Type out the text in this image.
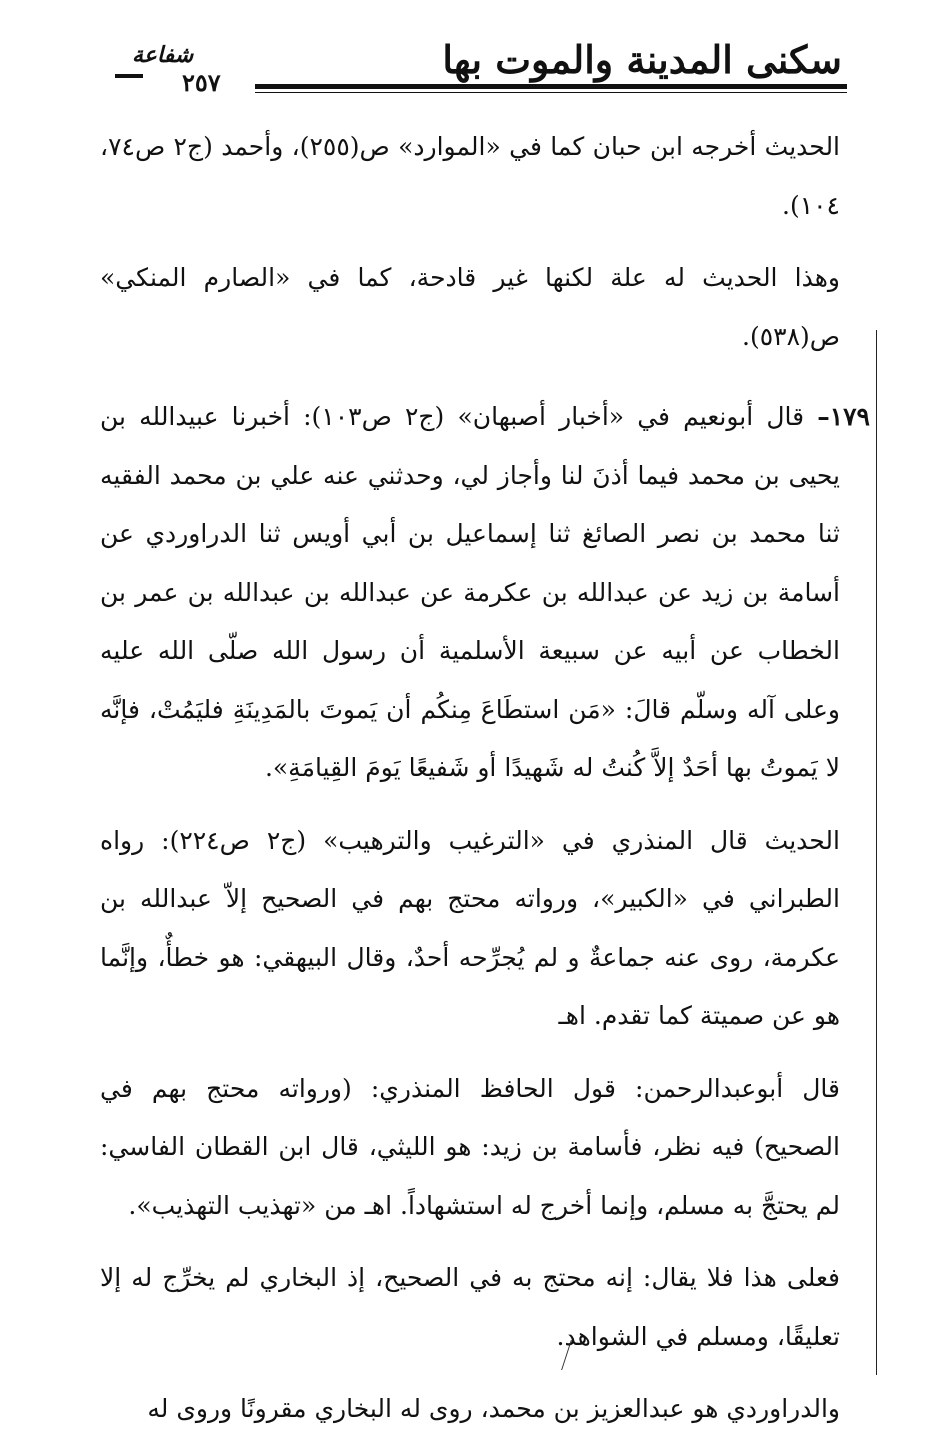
سكنى المدينة والموت بها
شفاعة
٢٥٧

الحديث أخرجه ابن حبان كما في «الموارد» ص(٢٥٥)، وأحمد (ج٢ ص٧٤، ١٠٤).

وهذا الحديث له علة لكنها غير قادحة، كما في «الصارم المنكي» ص(٥٣٨).

١٧٩– قال أبونعيم في «أخبار أصبهان» (ج٢ ص١٠٣): أخبرنا عبيدالله بن يحيى بن محمد فيما أذنَ لنا وأجاز لي، وحدثني عنه علي بن محمد الفقيه ثنا محمد بن نصر الصائغ ثنا إسماعيل بن أبي أويس ثنا الدراوردي عن أسامة بن زيد عن عبدالله بن عكرمة عن عبدالله بن عبدالله بن عمر بن الخطاب عن أبيه عن سبيعة الأسلمية أن رسول الله صلّى الله عليه وعلى آله وسلّم قالَ: «مَن استطَاعَ مِنكُم أن يَموتَ بالمَدِينَةِ فليَمُتْ، فإنَّه لا يَموتُ بها أحَدٌ إلاَّ كُنتُ له شَهيدًا أو شَفيعًا يَومَ القِيامَةِ».

الحديث قال المنذري في «الترغيب والترهيب» (ج٢ ص٢٢٤): رواه الطبراني في «الكبير»، ورواته محتج بهم في الصحيح إلاّ عبدالله بن عكرمة، روى عنه جماعةٌ و لم يُجرِّحه أحدٌ، وقال البيهقي: هو خطأٌ، وإنَّما هو عن صميتة كما تقدم. اهـ

قال أبوعبدالرحمن: قول الحافظ المنذري: (ورواته محتج بهم في الصحيح) فيه نظر، فأسامة بن زيد: هو الليثي، قال ابن القطان الفاسي: لم يحتجَّ به مسلم، وإنما أخرج له استشهاداً. اهـ من «تهذيب التهذيب».

فعلى هذا فلا يقال: إنه محتج به في الصحيح، إذ البخاري لم يخرِّج له إلا تعليقًا، ومسلم في الشواهد.

والدراوردي هو عبدالعزيز بن محمد، روى له البخاري مقرونًا وروى له
